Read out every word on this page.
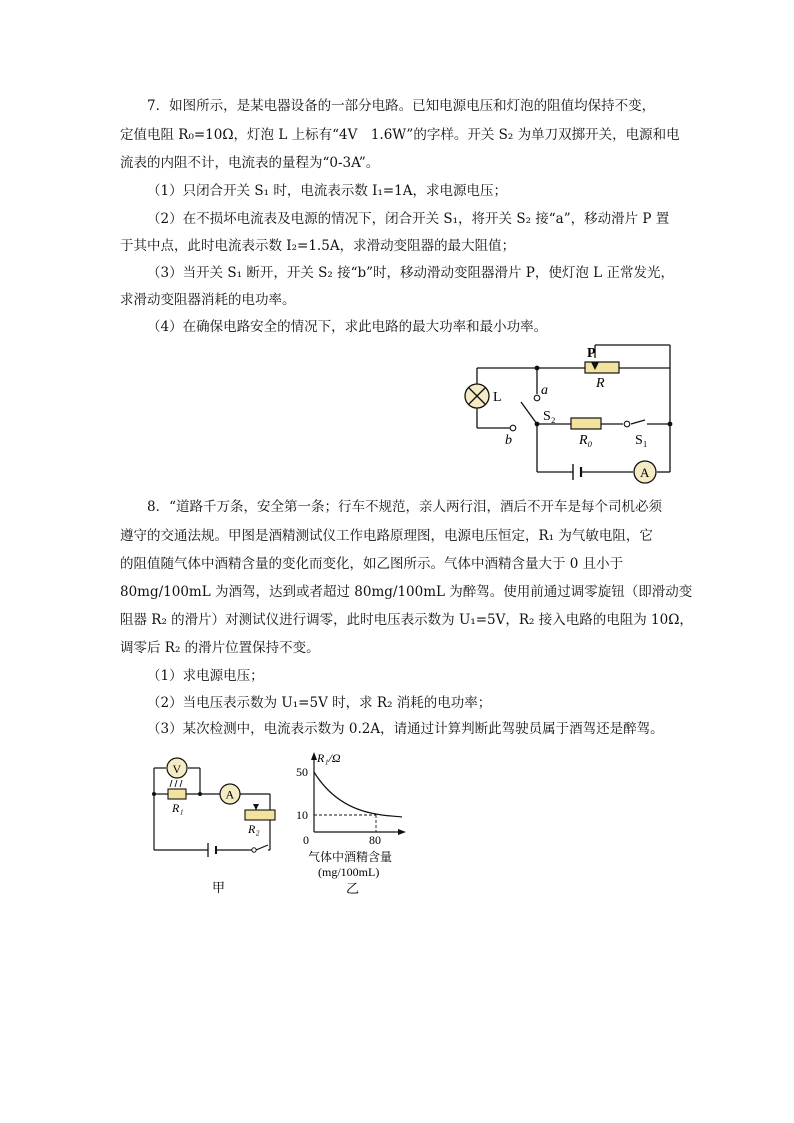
7．如图所示，是某电器设备的一部分电路。已知电源电压和灯泡的阻值均保持不变，
定值电阻 R₀=10Ω，灯泡 L 上标有“4V　1.6W”的字样。开关 S₂ 为单刀双掷开关，电源和电
流表的内阻不计，电流表的量程为“0-3A”。
（1）只闭合开关 S₁ 时，电流表示数 I₁=1A，求电源电压；
（2）在不损坏电流表及电源的情况下，闭合开关 S₁，将开关 S₂ 接“a”，移动滑片 P 置
于其中点，此时电流表示数 I₂=1.5A，求滑动变阻器的最大阻值；
（3）当开关 S₁ 断开，开关 S₂ 接“b”时，移动滑动变阻器滑片 P，使灯泡 L 正常发光，
求滑动变阻器消耗的电功率。
（4）在确保电路安全的情况下，求此电路的最大功率和最小功率。
P
R
L	a
b
S₂
R₀	S₁
A
8．“道路千万条，安全第一条；行车不规范，亲人两行泪，酒后不开车是每个司机必须
遵守的交通法规。甲图是酒精测试仪工作电路原理图，电源电压恒定，R₁ 为气敏电阻，它
的阻值随气体中酒精含量的变化而变化，如乙图所示。气体中酒精含量大于 0 且小于
80mg/100mL 为酒驾，达到或者超过 80mg/100mL 为醉驾。使用前通过调零旋钮（即滑动变
阻器 R₂ 的滑片）对测试仪进行调零，此时电压表示数为 U₁=5V，R₂ 接入电路的电阻为 10Ω，
调零后 R₂ 的滑片位置保持不变。
（1）求电源电压；
（2）当电压表示数为 U₁=5V 时，求 R₂ 消耗的电功率；
（3）某次检测中，电流表示数为 0.2A，请通过计算判断此驾驶员属于酒驾还是醉驾。
V
A
R₁
R₂
甲
R₁/Ω
50
10
0	80
气体中酒精含量
(mg/100mL)
乙
